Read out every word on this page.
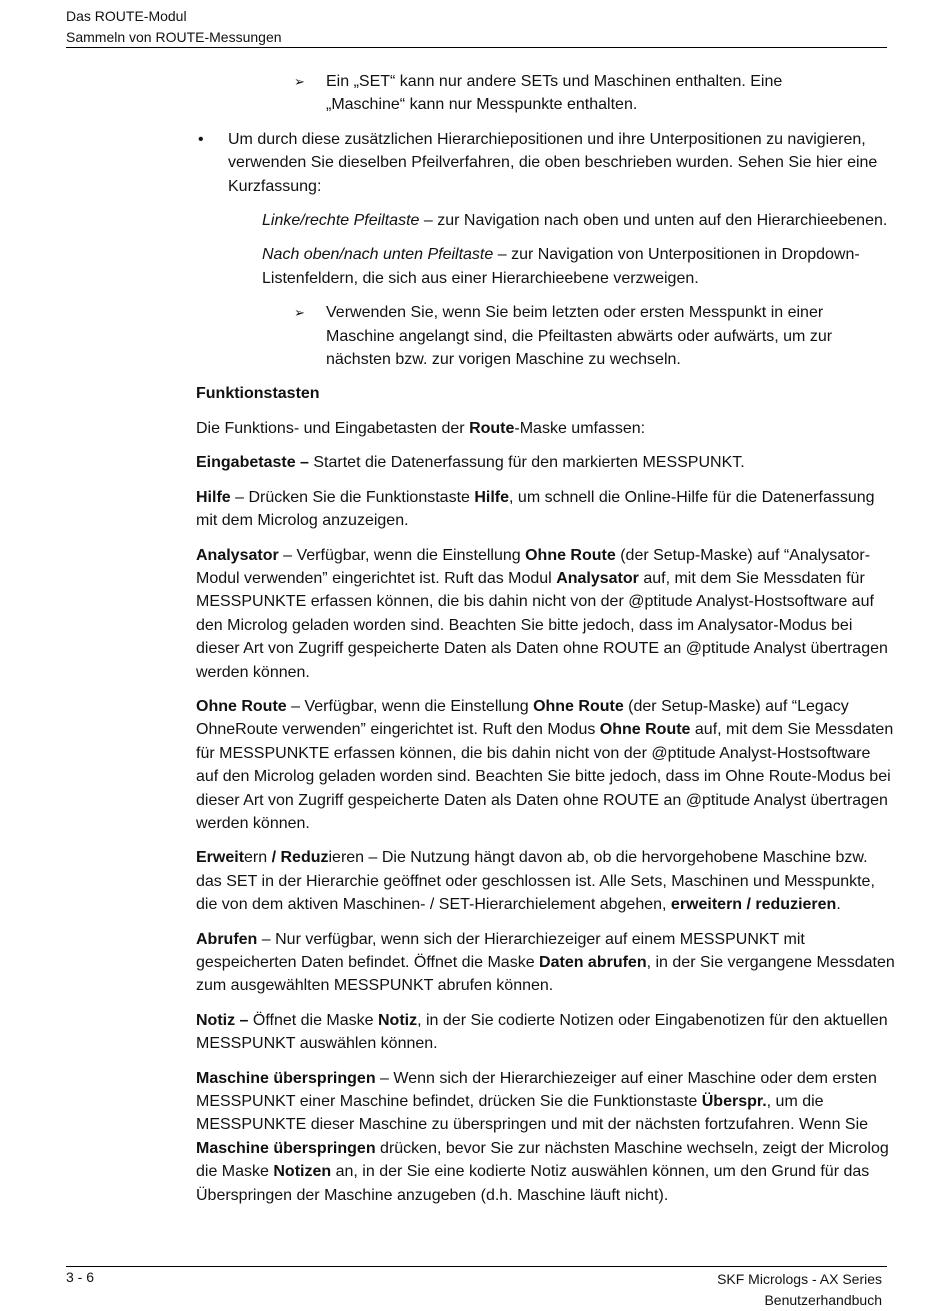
Das ROUTE-Modul
Sammeln von ROUTE-Messungen
➢ Ein „SET“ kann nur andere SETs und Maschinen enthalten. Eine
„Maschine“ kann nur Messpunkte enthalten.
• Um durch diese zusätzlichen Hierarchiepositionen und ihre Unterpositionen zu navigieren, verwenden Sie dieselben Pfeilverfahren, die oben beschrieben wurden. Sehen Sie hier eine Kurzfassung:

Linke/rechte Pfeiltaste – zur Navigation nach oben und unten auf den Hierarchieebenen.

Nach oben/nach unten Pfeiltaste – zur Navigation von Unterpositionen in Dropdown-Listenfeldern, die sich aus einer Hierarchieebene verzweigen.

➢ Verwenden Sie, wenn Sie beim letzten oder ersten Messpunkt in einer Maschine angelangt sind, die Pfeiltasten abwärts oder aufwärts, um zur nächsten bzw. zur vorigen Maschine zu wechseln.

Funktionstasten

Die Funktions- und Eingabetasten der Route-Maske umfassen:

Eingabetaste – Startet die Datenerfassung für den markierten MESSPUNKT.

Hilfe – Drücken Sie die Funktionstaste Hilfe, um schnell die Online-Hilfe für die Datenerfassung mit dem Microlog anzuzeigen.

Analysator – Verfügbar, wenn die Einstellung Ohne Route (der Setup-Maske) auf “Analysator-Modul verwenden” eingerichtet ist. Ruft das Modul Analysator auf, mit dem Sie Messdaten für MESSPUNKTE erfassen können, die bis dahin nicht von der @ptitude Analyst-Hostsoftware auf den Microlog geladen worden sind. Beachten Sie bitte jedoch, dass im Analysator-Modus bei dieser Art von Zugriff gespeicherte Daten als Daten ohne ROUTE an @ptitude Analyst übertragen werden können.

Ohne Route – Verfügbar, wenn die Einstellung Ohne Route (der Setup-Maske) auf “Legacy OhneRoute verwenden” eingerichtet ist. Ruft den Modus Ohne Route auf, mit dem Sie Messdaten für MESSPUNKTE erfassen können, die bis dahin nicht von der @ptitude Analyst-Hostsoftware auf den Microlog geladen worden sind. Beachten Sie bitte jedoch, dass im Ohne Route-Modus bei dieser Art von Zugriff gespeicherte Daten als Daten ohne ROUTE an @ptitude Analyst übertragen werden können.

Erweitern / Reduzieren – Die Nutzung hängt davon ab, ob die hervorgehobene Maschine bzw. das SET in der Hierarchie geöffnet oder geschlossen ist. Alle Sets, Maschinen und Messpunkte, die von dem aktiven Maschinen- / SET-Hierarchielement abgehen, erweitern / reduzieren.

Abrufen – Nur verfügbar, wenn sich der Hierarchiezeiger auf einem MESSPUNKT mit gespeicherten Daten befindet. Öffnet die Maske Daten abrufen, in der Sie vergangene Messdaten zum ausgewählten MESSPUNKT abrufen können.

Notiz – Öffnet die Maske Notiz, in der Sie codierte Notizen oder Eingabenotizen für den aktuellen MESSPUNKT auswählen können.

Maschine überspringen – Wenn sich der Hierarchiezeiger auf einer Maschine oder dem ersten MESSPUNKT einer Maschine befindet, drücken Sie die Funktionstaste Überspr., um die MESSPUNKTE dieser Maschine zu überspringen und mit der nächsten fortzufahren. Wenn Sie Maschine überspringen drücken, bevor Sie zur nächsten Maschine wechseln, zeigt der Microlog die Maske Notizen an, in der Sie eine kodierte Notiz auswählen können, um den Grund für das Überspringen der Maschine anzugeben (d.h. Maschine läuft nicht).

3 - 6	SKF Micrologs - AX Series
Benutzerhandbuch
